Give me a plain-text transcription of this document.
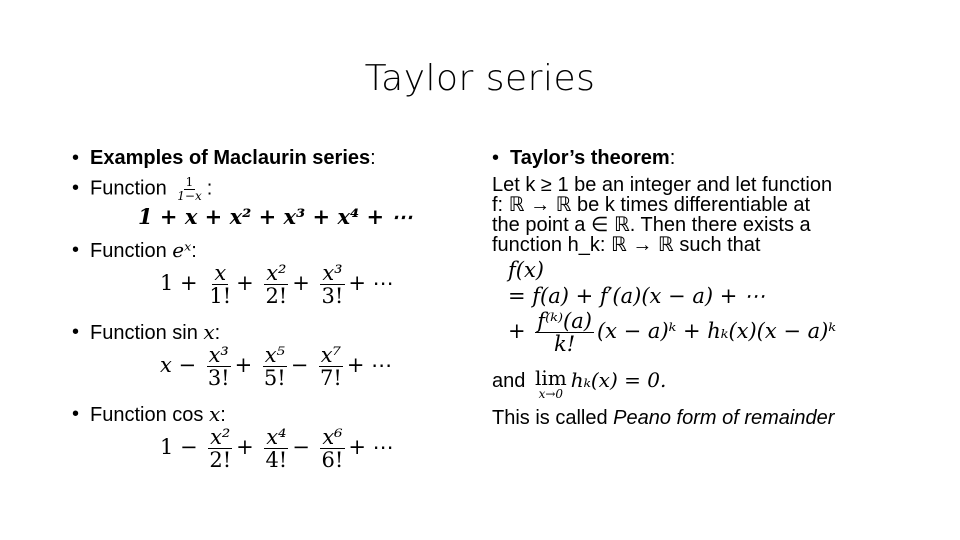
Taylor series
• Examples of Maclaurin series:
• Function $\frac{1}{1-x}$ :
1 + x + x² + x³ + x⁴ + ⋯
• Function eˣ:
$1 + \frac{x}{1!} + \frac{\text{x²}}{2!} + \frac{\text{x³}}{3!}$ + ⋯
• Function sin x:
$x - \frac{\text{x³}}{3!} + \frac{\text{x⁵}}{5!} - \frac{\text{x⁷}}{7!}$ + ⋯
• Function cos x:
$1 - \frac{\text{x²}}{2!} + \frac{\text{x⁴}}{4!} - \frac{\text{x⁶}}{6!}$ + ⋯
• Taylor’s theorem:
Let k ≥ 1 be an integer and let function
f: ℝ → ℝ be k times differentiable at
the point a ∈ ℝ. Then there exists a
function h_k: ℝ → ℝ such that
f(x)
= f(a) + f′(a)(x − a) + ⋯
+ $\frac{\text{f⁽ᵏ⁾(a)}}{k!} (x$ − a)ᵏ + hₖ(x)(x − a)ᵏ
and lim
x→0
hₖ(x) = 0.
This is called Peano form of remainder
